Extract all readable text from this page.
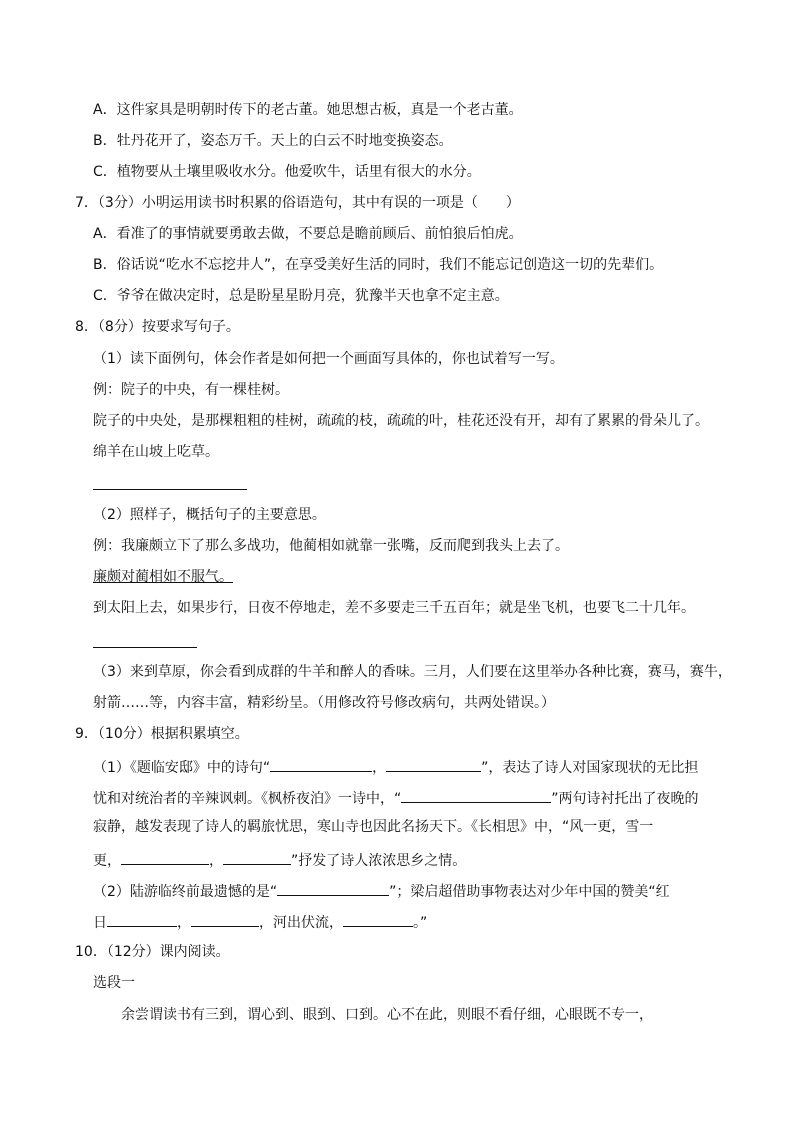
A．这件家具是明朝时传下的老古董。她思想古板，真是一个老古董。
B．牡丹花开了，姿态万千。天上的白云不时地变换姿态。
C．植物要从土壤里吸收水分。他爱吹牛，话里有很大的水分。
7．（3分）小明运用读书时积累的俗语造句，其中有误的一项是（　　）
A．看准了的事情就要勇敢去做，不要总是瞻前顾后、前怕狼后怕虎。
B．俗话说“吃水不忘挖井人”，在享受美好生活的同时，我们不能忘记创造这一切的先辈们。
C．爷爷在做决定时，总是盼星星盼月亮，犹豫半天也拿不定主意。
8．（8分）按要求写句子。
（1）读下面例句，体会作者是如何把一个画面写具体的，你也试着写一写。
例：院子的中央，有一棵桂树。
院子的中央处，是那棵粗粗的桂树，疏疏的枝，疏疏的叶，桂花还没有开，却有了累累的骨朵儿了。
绵羊在山坡上吃草。
（2）照样子，概括句子的主要意思。
例：我廉颇立下了那么多战功，他蔺相如就靠一张嘴，反而爬到我头上去了。
廉颇对蔺相如不服气。
到太阳上去，如果步行，日夜不停地走，差不多要走三千五百年；就是坐飞机，也要飞二十几年。
（3）来到草原，你会看到成群的牛羊和醉人的香味。三月，人们要在这里举办各种比赛，赛马，赛牛，
射箭……等，内容丰富，精彩纷呈。（用修改符号修改病句，共两处错误。）
9．（10分）根据积累填空。
（1）《题临安邸》中的诗句“	，	”，表达了诗人对国家现状的无比担
忧和对统治者的辛辣讽刺。《枫桥夜泊》一诗中，“	”两句诗衬托出了夜晚的
寂静，越发表现了诗人的羁旅忧思，寒山寺也因此名扬天下。《长相思》中，“风一更，雪一
更，	，	”抒发了诗人浓浓思乡之情。
（2）陆游临终前最遗憾的是“	”；梁启超借助事物表达对少年中国的赞美“红
日	，	，河出伏流，	。”
10．（12分）课内阅读。
选段一
余尝谓读书有三到，谓心到、眼到、口到。心不在此，则眼不看仔细，心眼既不专一，
